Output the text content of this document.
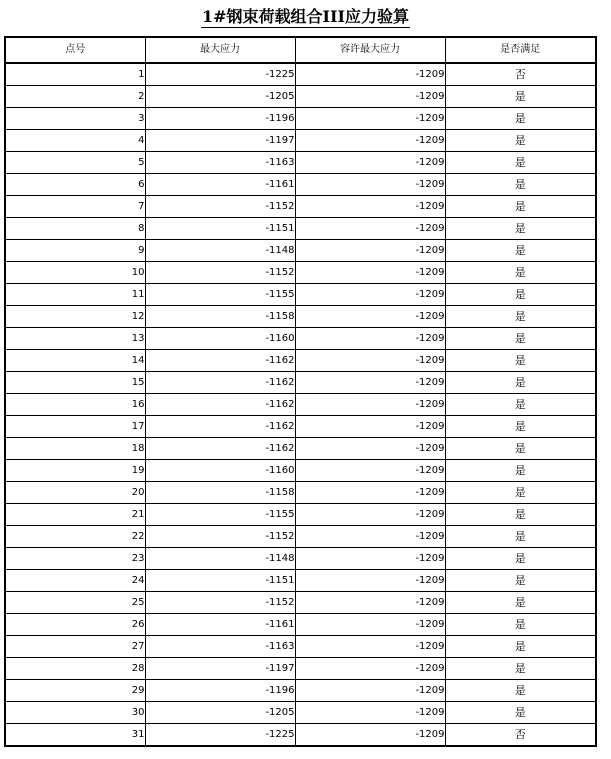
1#钢束荷载组合III应力验算
点号	最大应力	容许最大应力	是否满足
1	-1225	-1209	否
2	-1205	-1209	是
3	-1196	-1209	是
4	-1197	-1209	是
5	-1163	-1209	是
6	-1161	-1209	是
7	-1152	-1209	是
8	-1151	-1209	是
9	-1148	-1209	是
10	-1152	-1209	是
11	-1155	-1209	是
12	-1158	-1209	是
13	-1160	-1209	是
14	-1162	-1209	是
15	-1162	-1209	是
16	-1162	-1209	是
17	-1162	-1209	是
18	-1162	-1209	是
19	-1160	-1209	是
20	-1158	-1209	是
21	-1155	-1209	是
22	-1152	-1209	是
23	-1148	-1209	是
24	-1151	-1209	是
25	-1152	-1209	是
26	-1161	-1209	是
27	-1163	-1209	是
28	-1197	-1209	是
29	-1196	-1209	是
30	-1205	-1209	是
31	-1225	-1209	否
